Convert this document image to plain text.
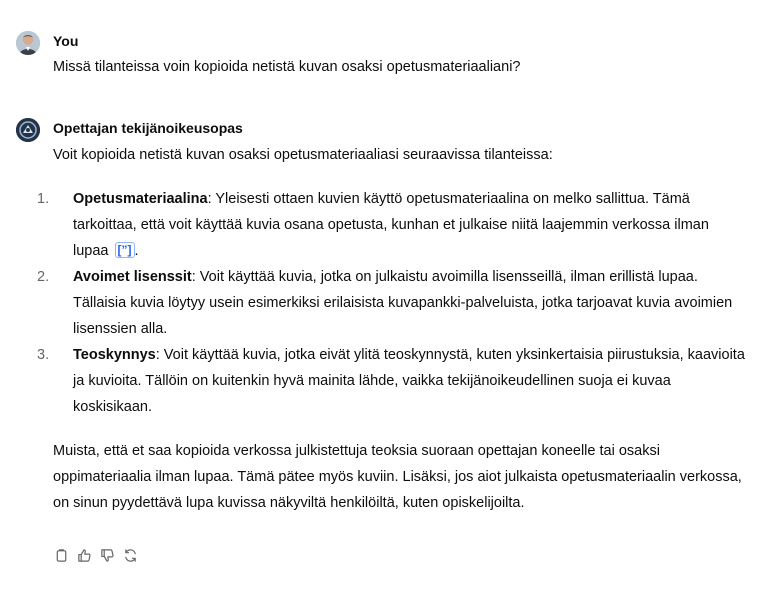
You

Missä tilanteissa voin kopioida netistä kuvan osaksi opetusmateriaaliani?

Opettajan tekijänoikeusopas

Voit kopioida netistä kuvan osaksi opetusmateriaaliasi seuraavissa tilanteissa:

1. Opetusmateriaalina: Yleisesti ottaen kuvien käyttö opetusmateriaalina on melko sallittua. Tämä tarkoittaa, että voit käyttää kuvia osana opetusta, kunhan et julkaise niitä laajemmin verkossa ilman lupaa [”] .
2. Avoimet lisenssit: Voit käyttää kuvia, jotka on julkaistu avoimilla lisensseillä, ilman erillistä lupaa. Tällaisia kuvia löytyy usein esimerkiksi erilaisista kuvapankki-palveluista, jotka tarjoavat kuvia avoimien lisenssien alla.
3. Teoskynnys: Voit käyttää kuvia, jotka eivät ylitä teoskynnystä, kuten yksinkertaisia piirustuksia, kaavioita ja kuvioita. Tällöin on kuitenkin hyvä mainita lähde, vaikka tekijänoikeudellinen suoja ei kuvaa koskisikaan.

Muista, että et saa kopioida verkossa julkistettuja teoksia suoraan opettajan koneelle tai osaksi oppimateriaalia ilman lupaa. Tämä pätee myös kuviin. Lisäksi, jos aiot julkaista opetusmateriaalin verkossa, on sinun pyydettävä lupa kuvissa näkyviltä henkilöiltä, kuten opiskelijoilta.
